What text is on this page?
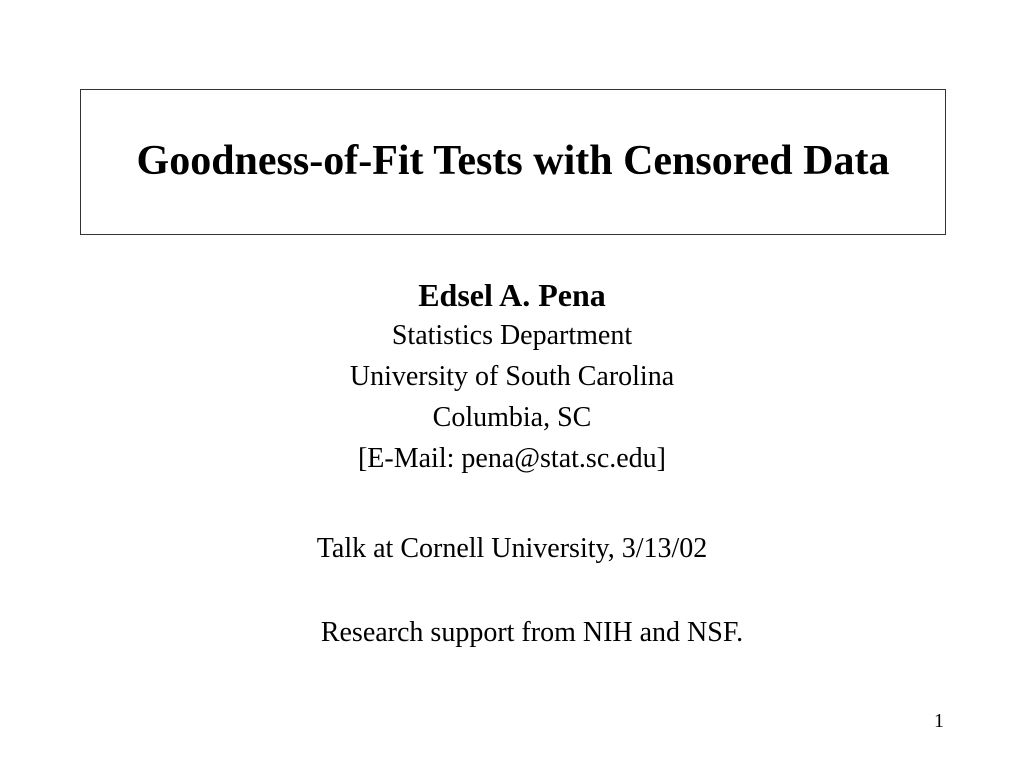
Goodness-of-Fit Tests with Censored Data
Edsel A. Pena
Statistics Department
University of South Carolina
Columbia, SC
[E-Mail: pena@stat.sc.edu]
Talk at Cornell University, 3/13/02
Research support from NIH and NSF.
1
